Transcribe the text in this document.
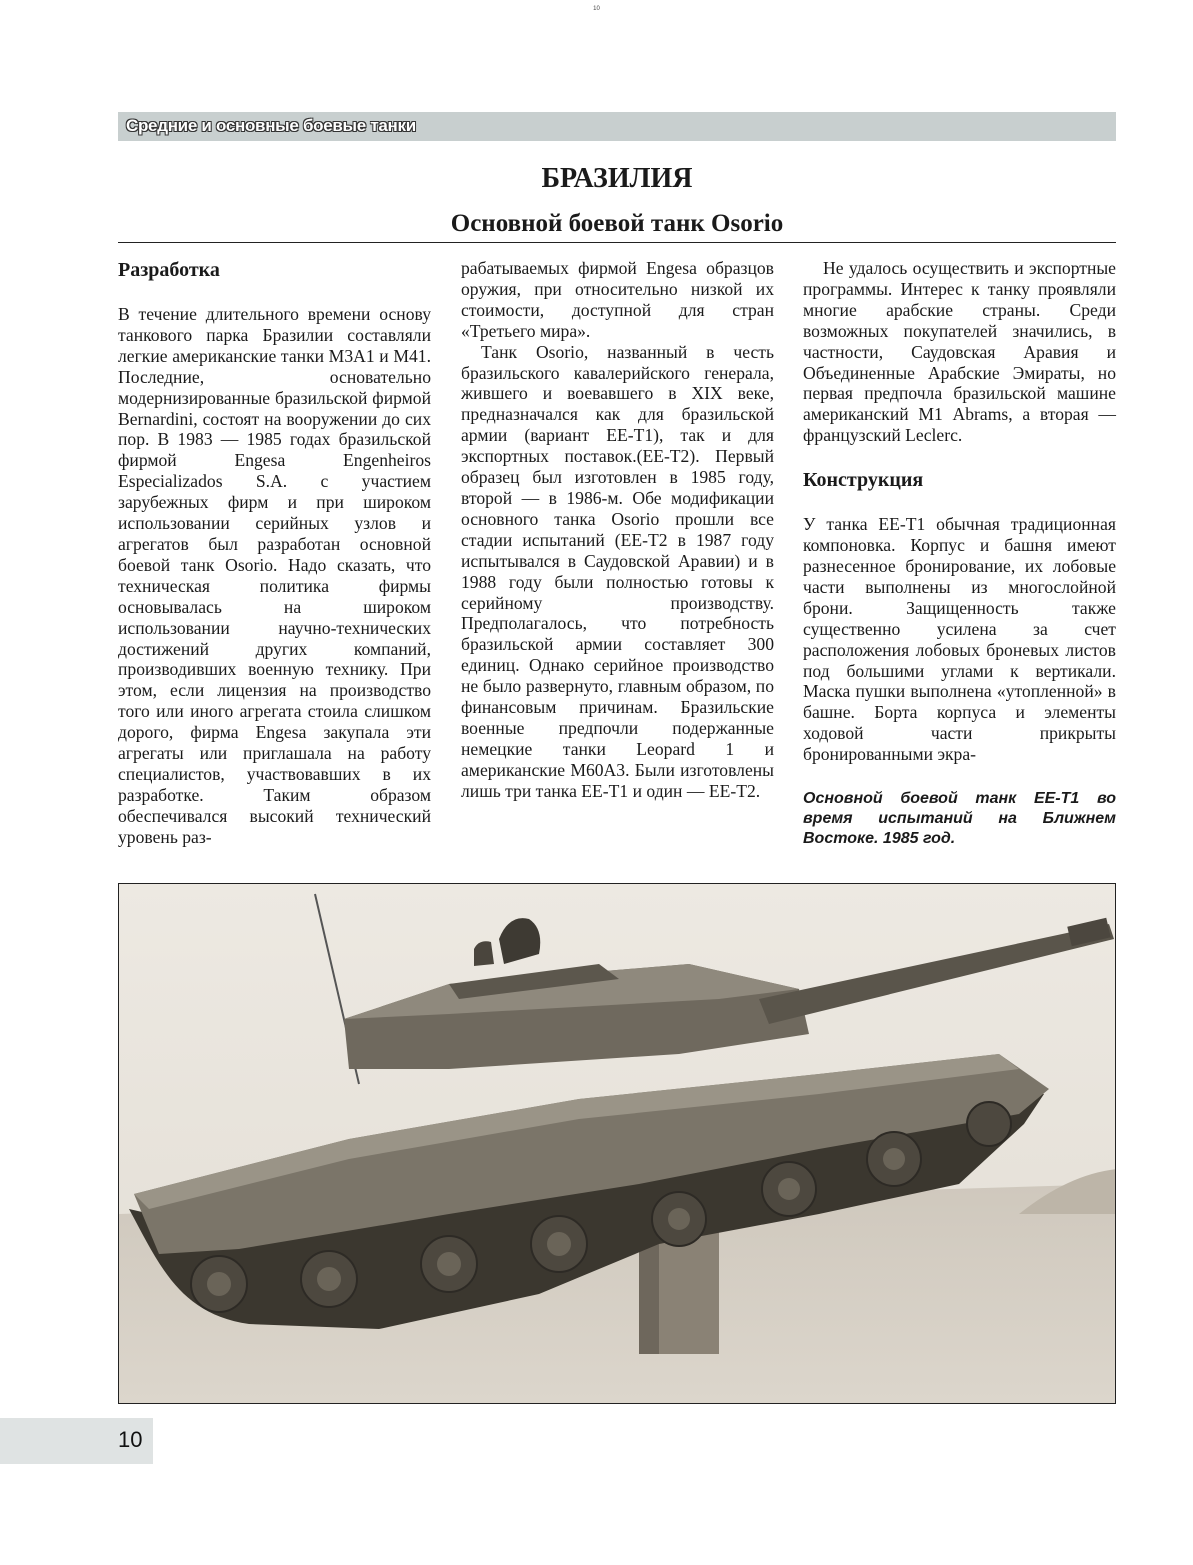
10
Средние и основные боевые танки
БРАЗИЛИЯ
Основной боевой танк Osorio
Разработка

В течение длительного времени основу танкового парка Бразилии составляли легкие американские танки М3А1 и М41. Последние, основательно модернизированные бразильской фирмой Bernardini, состоят на вооружении до сих пор. В 1983 — 1985 годах бразильской фирмой Engesa Engenheiros Especializados S.A. с участием зарубежных фирм и при широком использовании серийных узлов и агрегатов был разработан основной боевой танк Osorio. Надо сказать, что техническая политика фирмы основывалась на широком использовании научно-технических достижений других компаний, производивших военную технику. При этом, если лицензия на производство того или иного агрегата стоила слишком дорого, фирма Engesa закупала эти агрегаты или приглашала на работу специалистов, участвовавших в их разработке. Таким образом обеспечивался высокий технический уровень раз-

рабатываемых фирмой Engesa образцов оружия, при относительно низкой их стоимости, доступной для стран «Третьего мира».

Танк Osorio, названный в честь бразильского кавалерийского генерала, жившего и воевавшего в XIX веке, предназначался как для бразильской армии (вариант ЕЕ-Т1), так и для экспортных поставок.(ЕЕ-Т2). Первый образец был изготовлен в 1985 году, второй — в 1986-м. Обе модификации основного танка Osorio прошли все стадии испытаний (ЕЕ-Т2 в 1987 году испытывался в Саудовской Аравии) и в 1988 году были полностью готовы к серийному производству. Предполагалось, что потребность бразильской армии составляет 300 единиц. Однако серийное производство не было развернуто, главным образом, по финансовым причинам. Бразильские военные предпочли подержанные немецкие танки Leopard 1 и американские М60А3. Были изготовлены лишь три танка ЕЕ-Т1 и один — ЕЕ-Т2.

Не удалось осуществить и экспортные программы. Интерес к танку проявляли многие арабские страны. Среди возможных покупателей значились, в частности, Саудовская Аравия и Объединенные Арабские Эмираты, но первая предпочла бразильской машине американский М1 Abrams, а вторая — французский Leclerc.

Конструкция

У танка ЕЕ-Т1 обычная традиционная компоновка. Корпус и башня имеют разнесенное бронирование, их лобовые части выполнены из многослойной брони. Защищенность также существенно усилена за счет расположения лобовых броневых листов под большими углами к вертикали. Маска пушки выполнена «утопленной» в башне. Борта корпуса и элементы ходовой части прикрыты бронированными экра-

Основной боевой танк ЕЕ-Т1 во время испытаний на Ближнем Востоке. 1985 год.
10
